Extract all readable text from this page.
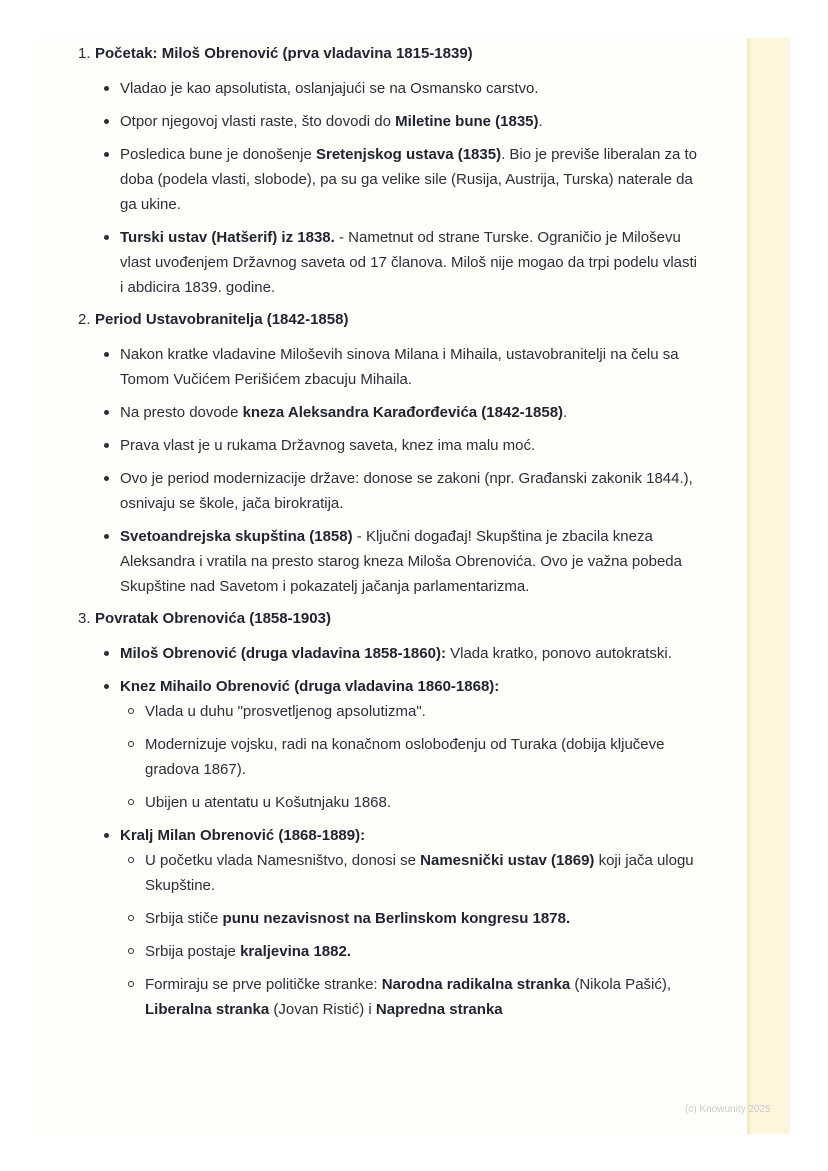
1. Početak: Miloš Obrenović (prva vladavina 1815-1839)
Vladao je kao apsolutista, oslanjajući se na Osmansko carstvo.
Otpor njegovoj vlasti raste, što dovodi do Miletine bune (1835).
Posledica bune je donošenje Sretenjskog ustava (1835). Bio je previše liberalan za to doba (podela vlasti, slobode), pa su ga velike sile (Rusija, Austrija, Turska) naterale da ga ukine.
Turski ustav (Hatšerif) iz 1838. - Nametnut od strane Turske. Ograničio je Miloševu vlast uvođenjem Državnog saveta od 17 članova. Miloš nije mogao da trpi podelu vlasti i abdicira 1839. godine.
2. Period Ustavobranitelja (1842-1858)
Nakon kratke vladavine Miloševih sinova Milana i Mihaila, ustavobranitelji na čelu sa Tomom Vučićem Perišićem zbacuju Mihaila.
Na presto dovode kneza Aleksandra Karađorđevića (1842-1858).
Prava vlast je u rukama Državnog saveta, knez ima malu moć.
Ovo je period modernizacije države: donose se zakoni (npr. Građanski zakonik 1844.), osnivaju se škole, jača birokratija.
Svetoandrejska skupština (1858) - Ključni događaj! Skupština je zbacila kneza Aleksandra i vratila na presto starog kneza Miloša Obrenovića. Ovo je važna pobeda Skupštine nad Savetom i pokazatelj jačanja parlamentarizma.
3. Povratak Obrenovića (1858-1903)
Miloš Obrenović (druga vladavina 1858-1860): Vlada kratko, ponovo autokratski.
Knez Mihailo Obrenović (druga vladavina 1860-1868):
Vlada u duhu "prosvetljenog apsolutizma".
Modernizuje vojsku, radi na konačnom oslobođenju od Turaka (dobija ključeve gradova 1867).
Ubijen u atentatu u Košutnjaku 1868.
Kralj Milan Obrenović (1868-1889):
U početku vlada Namesništvo, donosi se Namesnički ustav (1869) koji jača ulogu Skupštine.
Srbija stiče punu nezavisnost na Berlinskom kongresu 1878.
Srbija postaje kraljevina 1882.
Formiraju se prve političke stranke: Narodna radikalna stranka (Nikola Pašić), Liberalna stranka (Jovan Ristić) i Napredna stranka
(c) Knowunity 2025
